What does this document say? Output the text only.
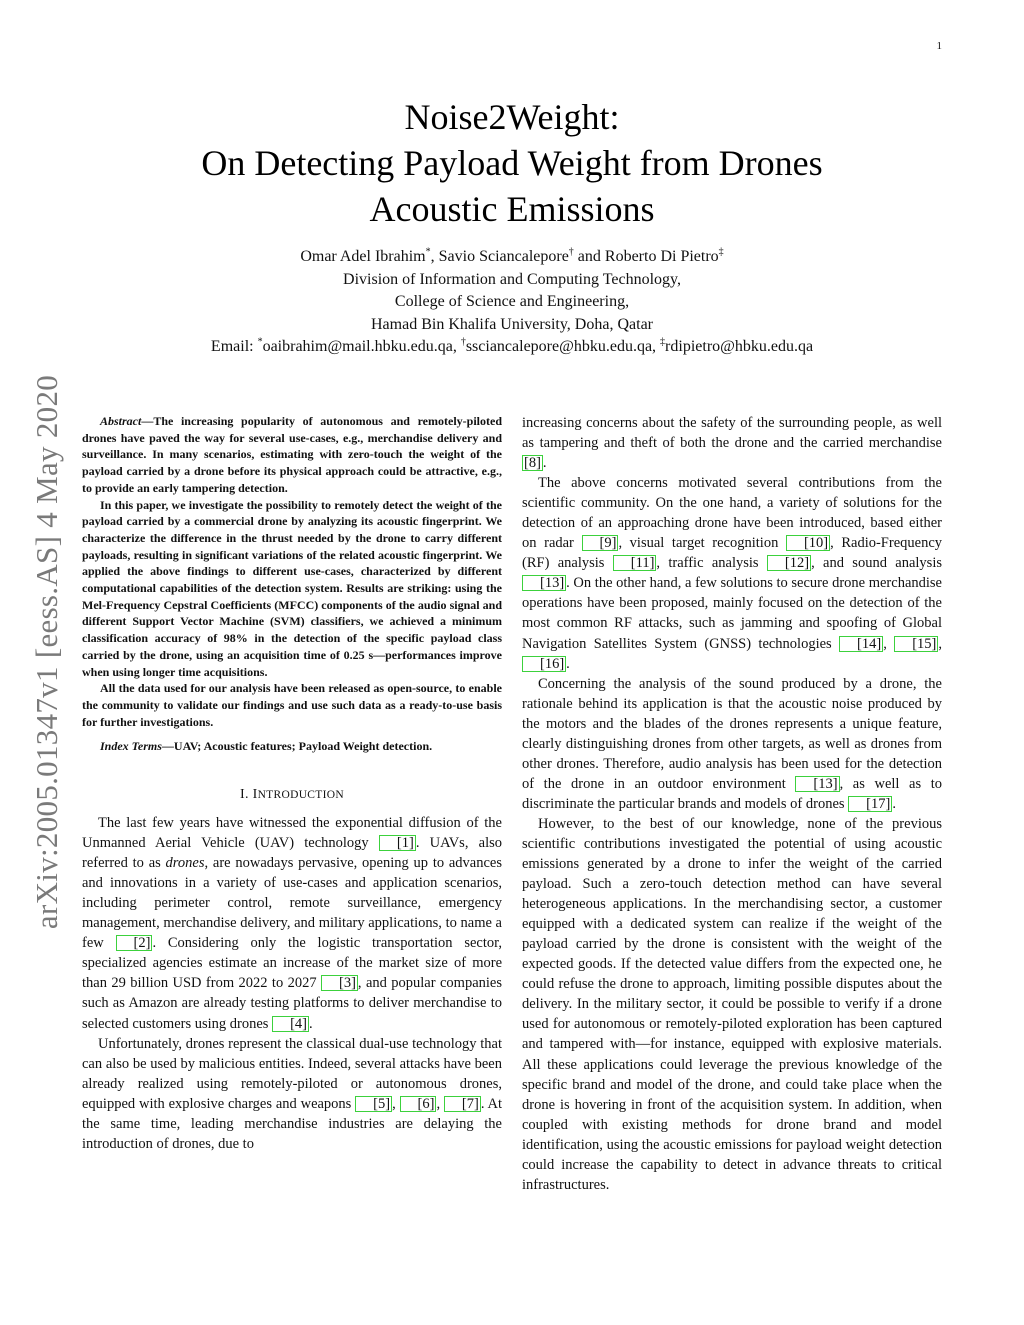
1
arXiv:2005.01347v1 [eess.AS] 4 May 2020
Noise2Weight:
On Detecting Payload Weight from Drones
Acoustic Emissions
Omar Adel Ibrahim*, Savio Sciancalepore† and Roberto Di Pietro‡
Division of Information and Computing Technology,
College of Science and Engineering,
Hamad Bin Khalifa University, Doha, Qatar
Email: *oaibrahim@mail.hbku.edu.qa, †ssciancalepore@hbku.edu.qa, ‡rdipietro@hbku.edu.qa

Abstract—The increasing popularity of autonomous and remotely-piloted drones have paved the way for several use-cases, e.g., merchandise delivery and surveillance. In many scenarios, estimating with zero-touch the weight of the payload carried by a drone before its physical approach could be attractive, e.g., to provide an early tampering detection.

In this paper, we investigate the possibility to remotely detect the weight of the payload carried by a commercial drone by analyzing its acoustic fingerprint. We characterize the difference in the thrust needed by the drone to carry different payloads, resulting in significant variations of the related acoustic fingerprint. We applied the above findings to different use-cases, characterized by different computational capabilities of the detection system. Results are striking: using the Mel-Frequency Cepstral Coefficients (MFCC) components of the audio signal and different Support Vector Machine (SVM) classifiers, we achieved a minimum classification accuracy of 98% in the detection of the specific payload class carried by the drone, using an acquisition time of 0.25 s—performances improve when using longer time acquisitions.

All the data used for our analysis have been released as open-source, to enable the community to validate our findings and use such data as a ready-to-use basis for further investigations.

Index Terms—UAV; Acoustic features; Payload Weight detection.
I. INTRODUCTION

The last few years have witnessed the exponential diffusion of the Unmanned Aerial Vehicle (UAV) technology [1] . UAVs, also referred to as drones, are nowadays pervasive, opening up to advances and innovations in a variety of use-cases and application scenarios, including perimeter control, remote surveillance, emergency management, merchandise delivery, and military applications, to name a few [2] . Considering only the logistic transportation sector, specialized agencies estimate an increase of the market size of more than 29 billion USD from 2022 to 2027 [3] , and popular companies such as Amazon are already testing platforms to deliver merchandise to selected customers using drones [4] .

Unfortunately, drones represent the classical dual-use technology that can also be used by malicious entities. Indeed, several attacks have been already realized using remotely-piloted or autonomous drones, equipped with explosive charges and weapons [5] , [6] , [7] . At the same time, leading merchandise industries are delaying the introduction of drones, due to

increasing concerns about the safety of the surrounding people, as well as tampering and theft of both the drone and the carried merchandise [8] .

The above concerns motivated several contributions from the scientific community. On the one hand, a variety of solutions for the detection of an approaching drone have been introduced, based either on radar [9] , visual target recognition [10] , Radio-Frequency (RF) analysis [11] , traffic analysis [12] , and sound analysis [13] . On the other hand, a few solutions to secure drone merchandise operations have been proposed, mainly focused on the detection of the most common RF attacks, such as jamming and spoofing of Global Navigation Satellites System (GNSS) technologies [14] , [15] , [16] .

Concerning the analysis of the sound produced by a drone, the rationale behind its application is that the acoustic noise produced by the motors and the blades of the drones represents a unique feature, clearly distinguishing drones from other targets, as well as drones from other drones. Therefore, audio analysis has been used for the detection of the drone in an outdoor environment [13] , as well as to discriminate the particular brands and models of drones [17] .

However, to the best of our knowledge, none of the previous scientific contributions investigated the potential of using acoustic emissions generated by a drone to infer the weight of the carried payload. Such a zero-touch detection method can have several heterogeneous applications. In the merchandising sector, a customer equipped with a dedicated system can realize if the weight of the payload carried by the drone is consistent with the weight of the expected goods. If the detected value differs from the expected one, he could refuse the drone to approach, limiting possible disputes about the delivery. In the military sector, it could be possible to verify if a drone used for autonomous or remotely-piloted exploration has been captured and tampered with—for instance, equipped with explosive materials. All these applications could leverage the previous knowledge of the specific brand and model of the drone, and could take place when the drone is hovering in front of the acquisition system. In addition, when coupled with existing methods for drone brand and model identification, using the acoustic emissions for payload weight detection could increase the capability to detect in advance threats to critical infrastructures.
